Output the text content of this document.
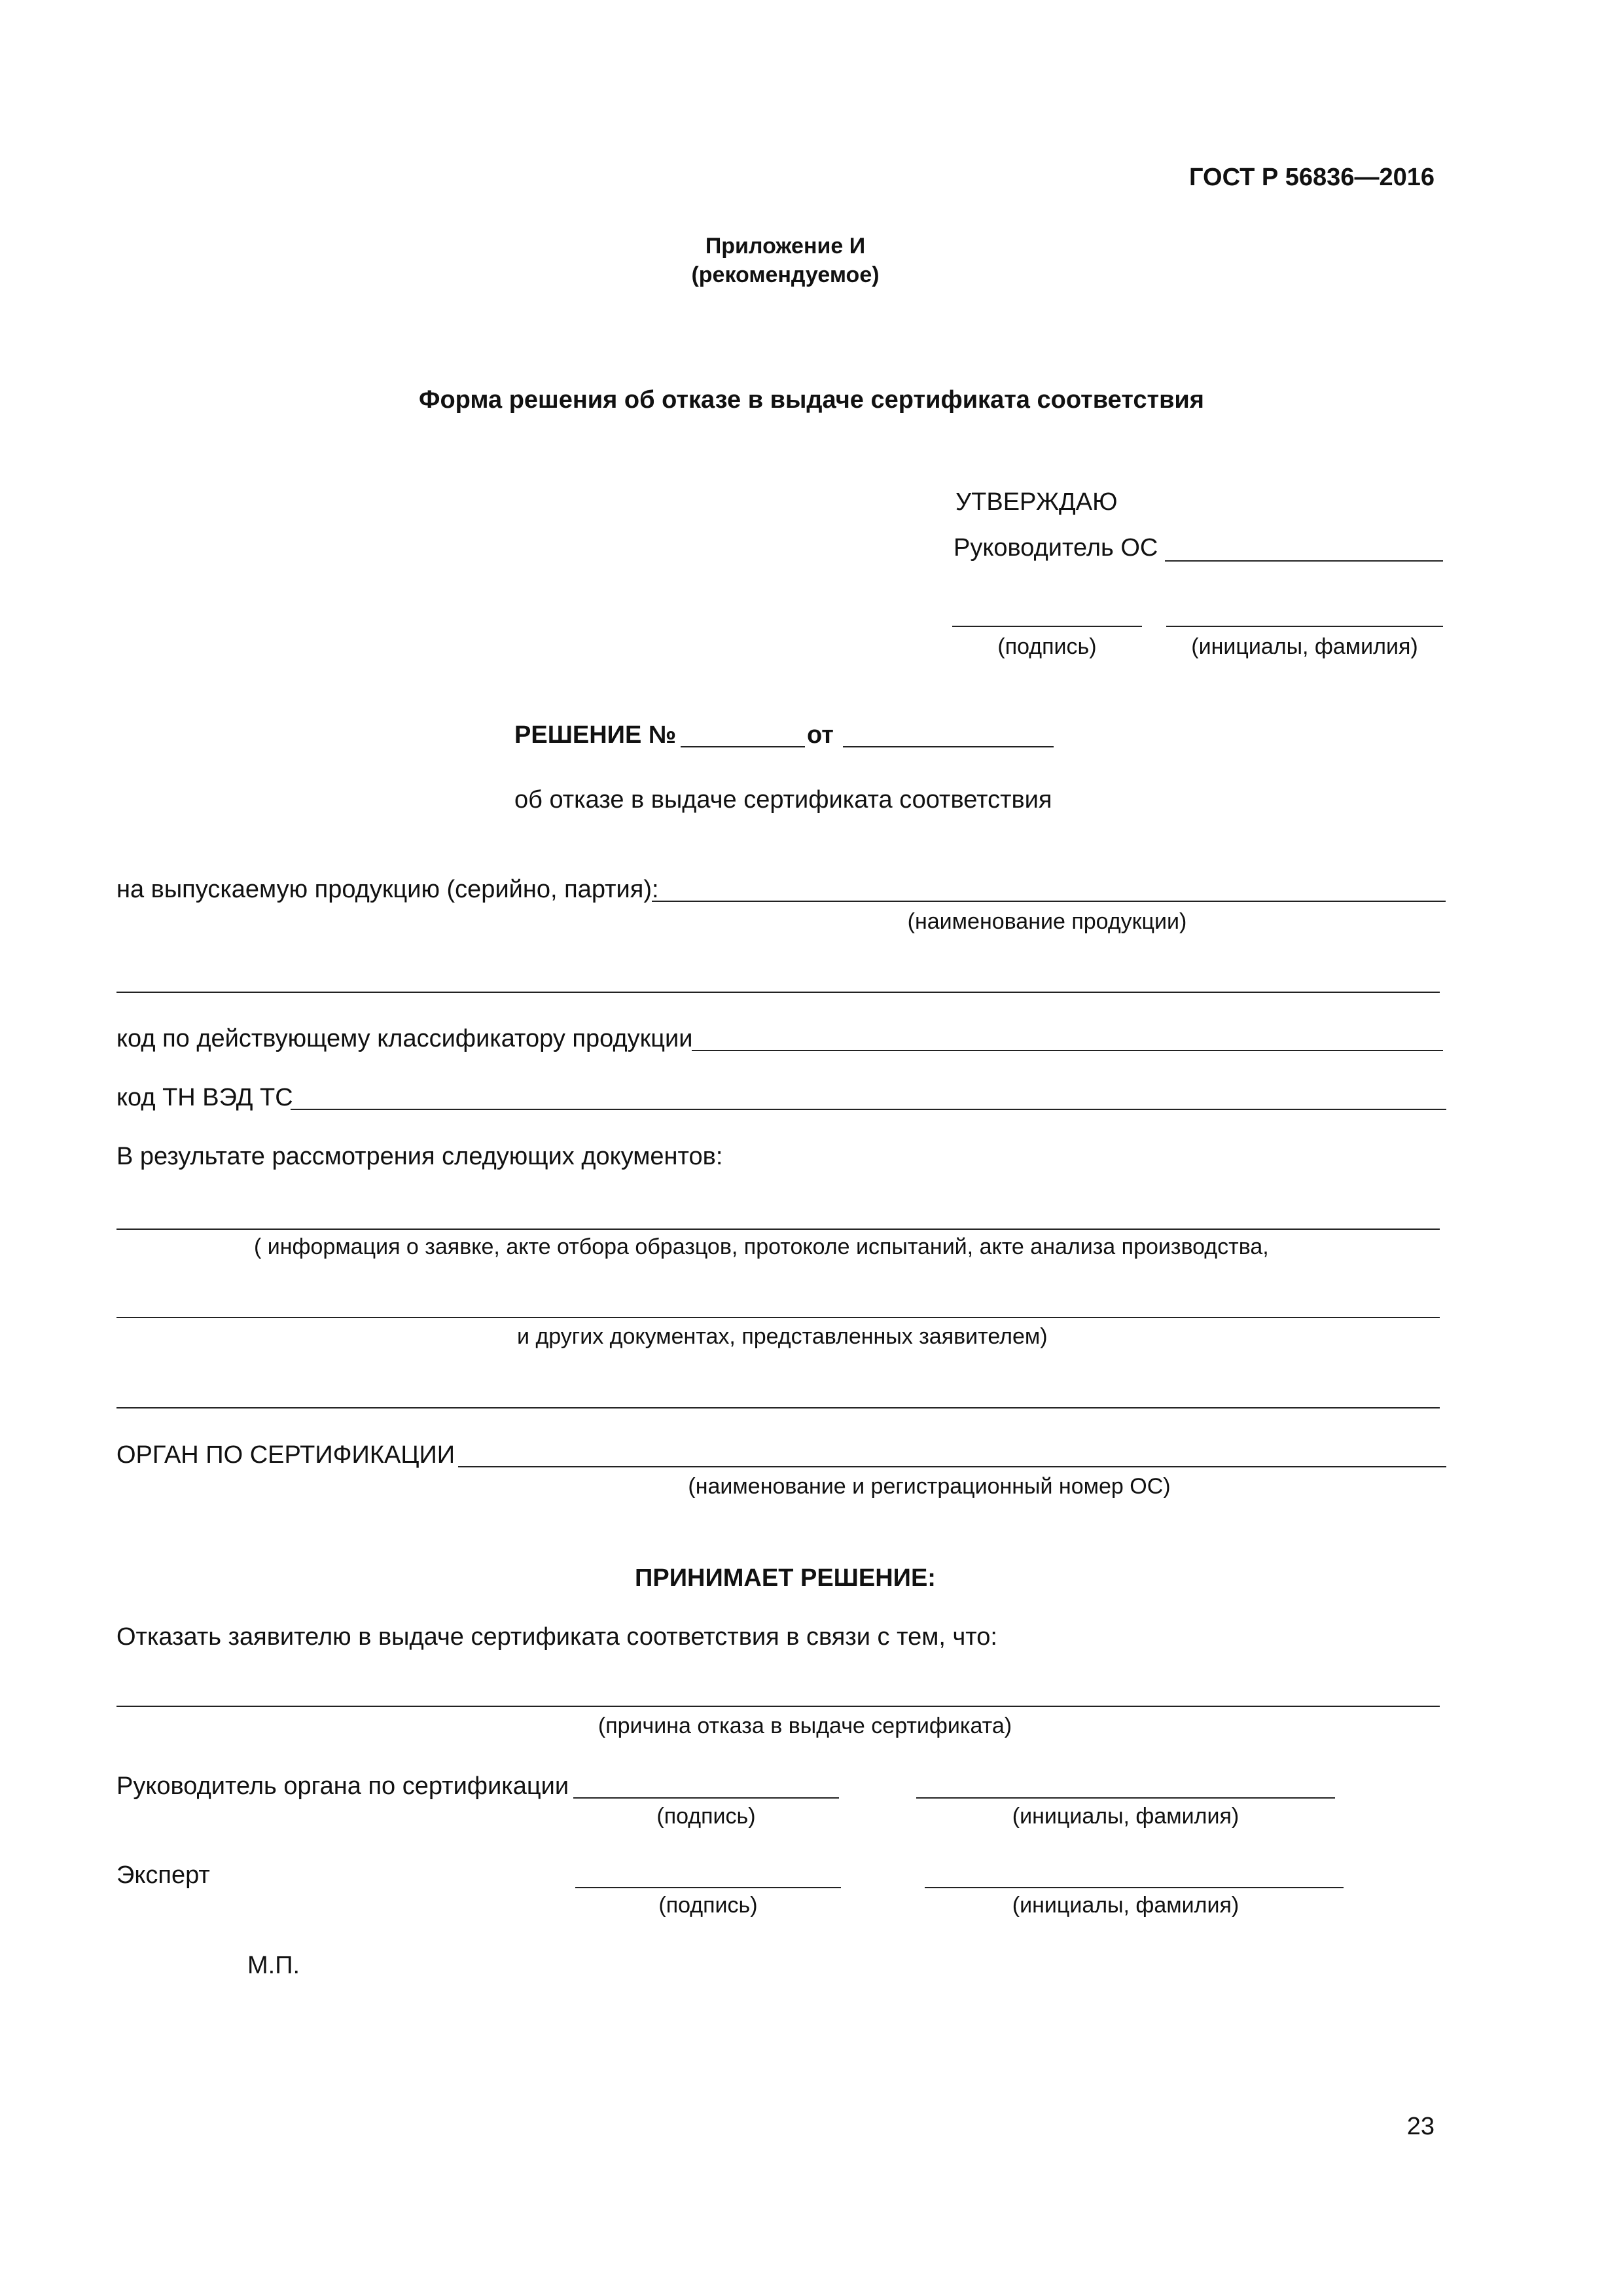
ГОСТ Р 56836—2016
Приложение И
(рекомендуемое)
Форма решения об отказе в выдаче сертификата соответствия
УТВЕРЖДАЮ
Руководитель ОС
(подпись)	(инициалы, фамилия)
РЕШЕНИЕ №	от
об отказе в выдаче сертификата соответствия
на выпускаемую продукцию (серийно, партия):
(наименование продукции)
код по действующему классификатору продукции
код ТН ВЭД ТС
В результате рассмотрения следующих документов:
( информация о заявке, акте отбора образцов, протоколе испытаний, акте анализа производства,
и других документах, представленных заявителем)
ОРГАН ПО СЕРТИФИКАЦИИ
(наименование и регистрационный номер ОС)
ПРИНИМАЕТ РЕШЕНИЕ:
Отказать заявителю в выдаче сертификата соответствия в связи с тем, что:
(причина отказа в выдаче сертификата)
Руководитель органа по сертификации
(подпись)	(инициалы, фамилия)
Эксперт
(подпись)	(инициалы, фамилия)
М.П.
23
